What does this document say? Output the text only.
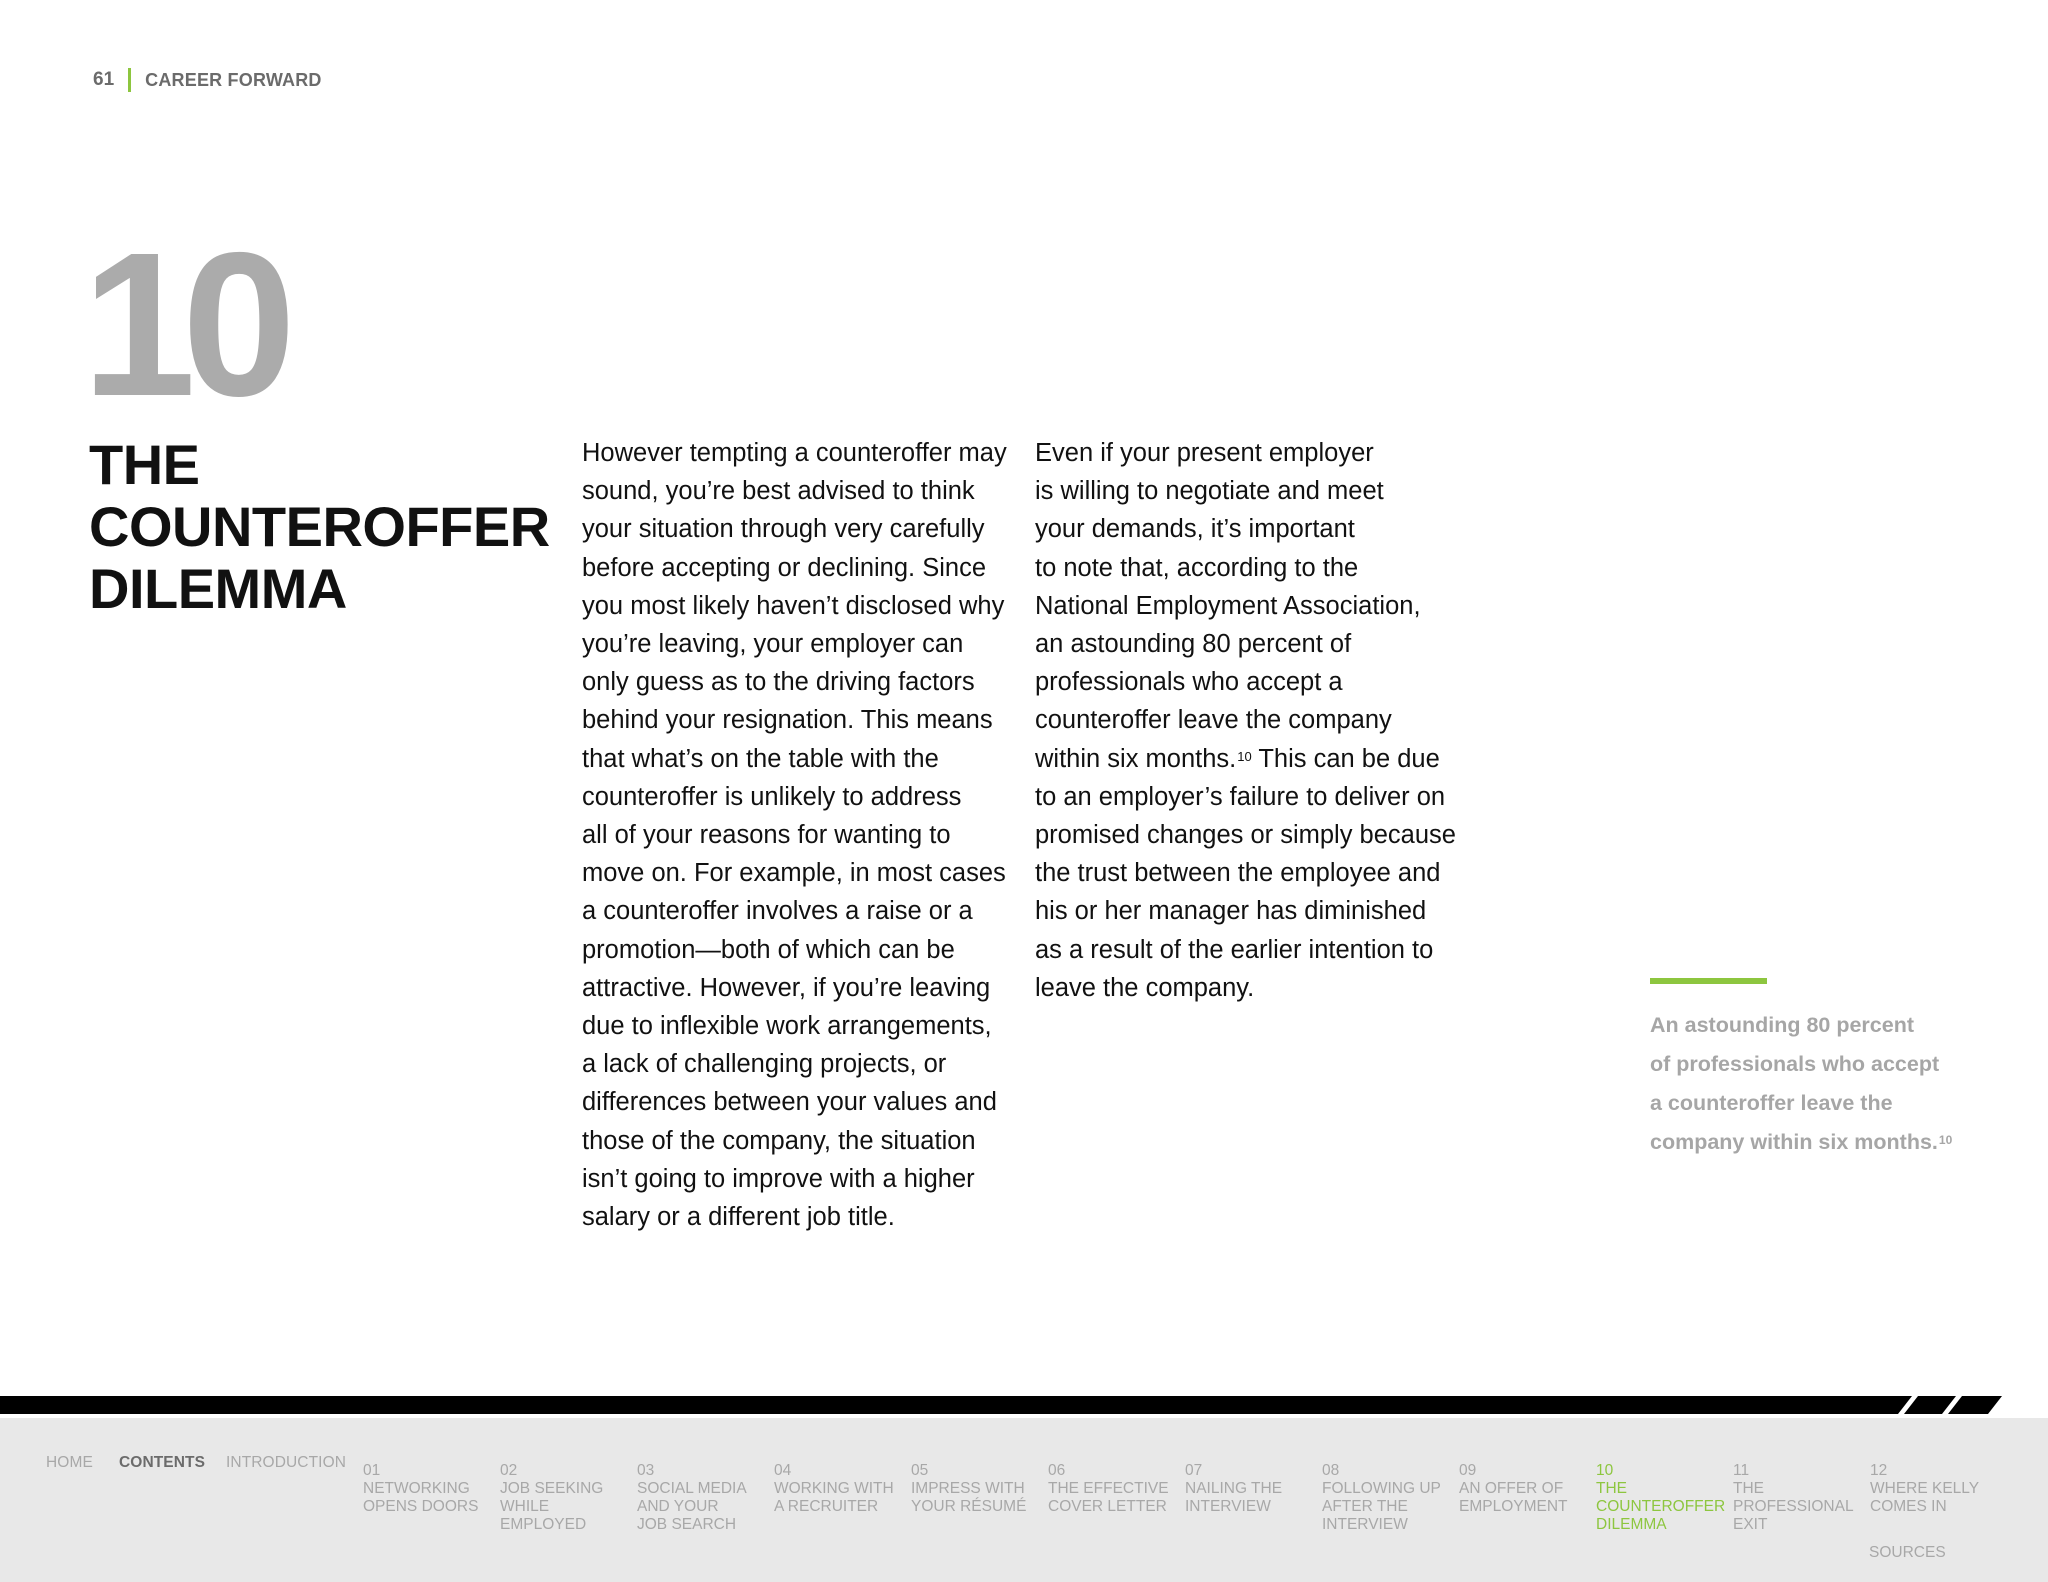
61 CAREER FORWARD
10
THE
COUNTEROFFER
DILEMMA
However tempting a counteroffer may
sound, you’re best advised to think
your situation through very carefully
before accepting or declining. Since
you most likely haven’t disclosed why
you’re leaving, your employer can
only guess as to the driving factors
behind your resignation. This means
that what’s on the table with the
counteroffer is unlikely to address
all of your reasons for wanting to
move on. For example, in most cases
a counteroffer involves a raise or a
promotion—both of which can be
attractive. However, if you’re leaving
due to inflexible work arrangements,
a lack of challenging projects, or
differences between your values and
those of the company, the situation
isn’t going to improve with a higher
salary or a different job title.
Even if your present employer
is willing to negotiate and meet
your demands, it’s important
to note that, according to the
National Employment Association,
an astounding 80 percent of
professionals who accept a
counteroffer leave the company
within six months.$^{10}$ This can be due
to an employer’s failure to deliver on
promised changes or simply because
the trust between the employee and
his or her manager has diminished
as a result of the earlier intention to
leave the company.
An astounding 80 percent
of professionals who accept
a counteroffer leave the
company within six months.$^{10}$
HOME CONTENTS INTRODUCTION 01
NETWORKING
OPENS DOORS
02
JOB SEEKING
WHILE EMPLOYED
03
SOCIAL MEDIA
AND YOUR
JOB SEARCH
04
WORKING WITH
A RECRUITER
05
IMPRESS WITH
YOUR RÉSUMÉ
06
THE EFFECTIVE
COVER LETTER
07
NAILING THE
INTERVIEW
08
FOLLOWING UP
AFTER THE
INTERVIEW
09
AN OFFER OF
EMPLOYMENT
10
THE
COUNTEROFFER
DILEMMA
11
THE
PROFESSIONAL
EXIT
12
WHERE KELLY
COMES IN
SOURCES
